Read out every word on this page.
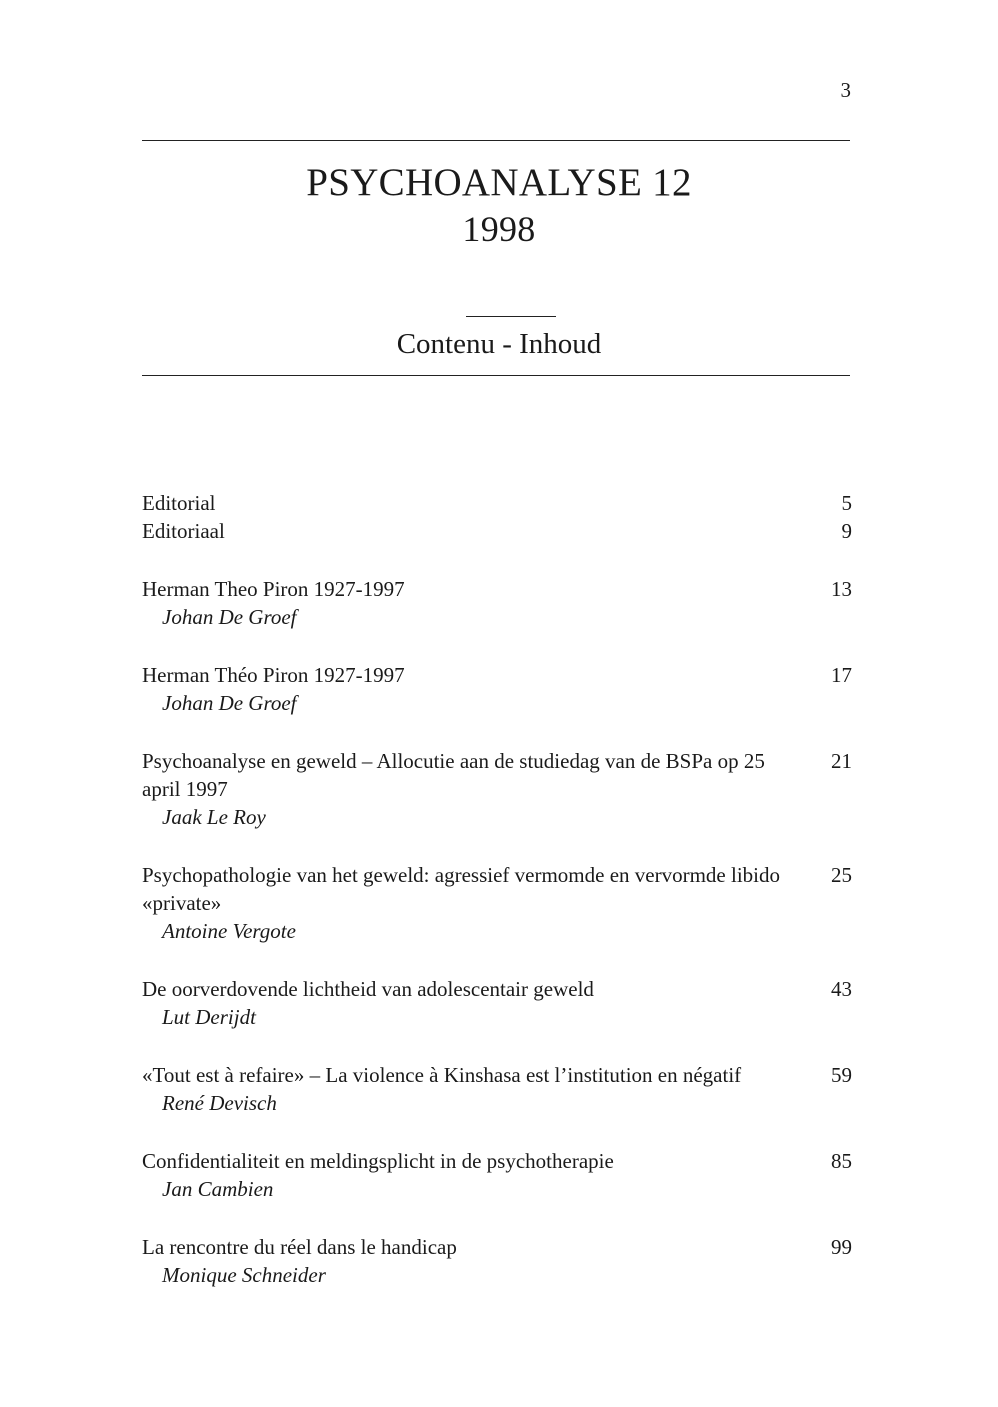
3
PSYCHOANALYSE 12
1998
Contenu - Inhoud
Editorial	5
Editoriaal	9
Herman Theo Piron 1927-1997
Johan De Groef
13
Herman Théo Piron 1927-1997
Johan De Groef
17
Psychoanalyse en geweld – Allocutie aan de studiedag van de BSPa op 25 april 1997
Jaak Le Roy
21
Psychopathologie van het geweld: agressief vermomde en vervormde libido «private»
Antoine Vergote
25
De oorverdovende lichtheid van adolescentair geweld
Lut Derijdt
43
«Tout est à refaire» – La violence à Kinshasa est l’institution en négatif
René Devisch
59
Confidentialiteit en meldingsplicht in de psychotherapie
Jan Cambien
85
La rencontre du réel dans le handicap
Monique Schneider
99
